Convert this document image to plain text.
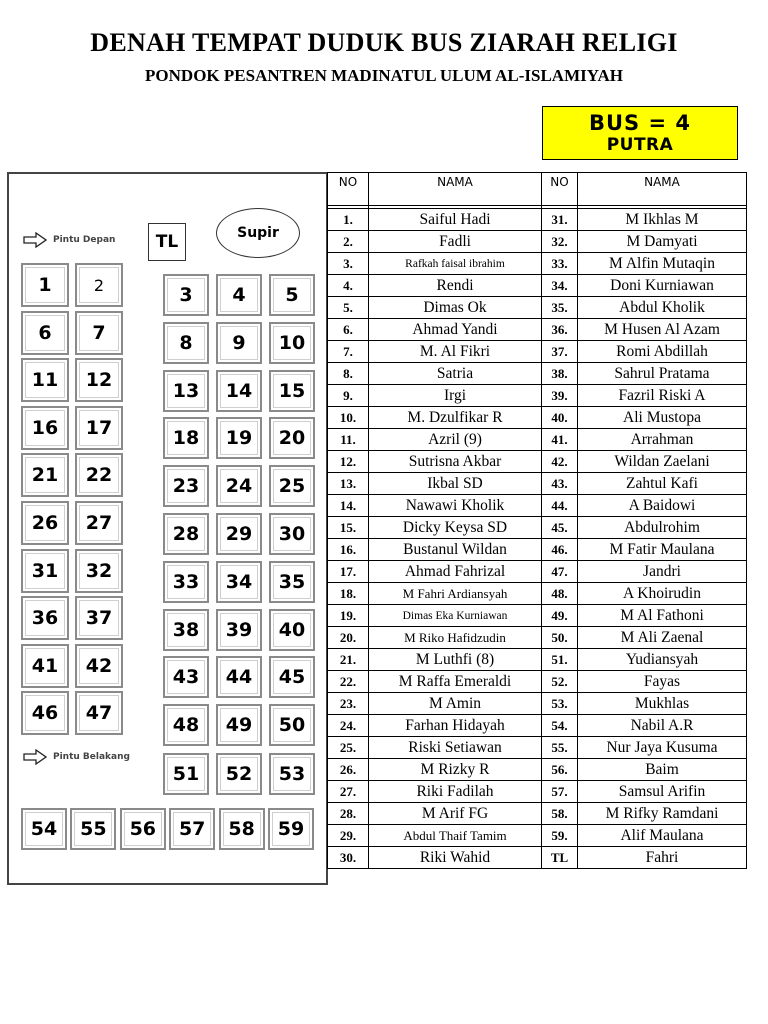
DENAH TEMPAT DUDUK BUS ZIARAH RELIGI
PONDOK PESANTREN MADINATUL ULUM AL-ISLAMIYAH
BUS = 4
PUTRA
Pintu Depan
Pintu Belakang
TL	Supir
1	2
6	7
11	12
16	17
21	22
26	27
31	32
36	37
41	42
46	47
3	4	5
8	9	10
13	14	15
18	19	20
23	24	25
28	29	30
33	34	35
38	39	40
43	44	45
48	49	50
51	52	53
54	55	56	57	58	59
NO	NAMA	NO	NAMA

1.	Saiful Hadi	31.	M Ikhlas M
2.	Fadli	32.	M Damyati
3.	Rafkah faisal ibrahim	33.	M Alfin Mutaqin
4.	Rendi	34.	Doni Kurniawan
5.	Dimas Ok	35.	Abdul Kholik
6.	Ahmad Yandi	36.	M Husen Al Azam
7.	M. Al Fikri	37.	Romi Abdillah
8.	Satria	38.	Sahrul Pratama
9.	Irgi	39.	Fazril Riski A
10.	M. Dzulfikar R	40.	Ali Mustopa
11.	Azril (9)	41.	Arrahman
12.	Sutrisna Akbar	42.	Wildan Zaelani
13.	Ikbal SD	43.	Zahtul Kafi
14.	Nawawi Kholik	44.	A Baidowi
15.	Dicky Keysa SD	45.	Abdulrohim
16.	Bustanul Wildan	46.	M Fatir Maulana
17.	Ahmad Fahrizal	47.	Jandri
18.	M Fahri Ardiansyah	48.	A Khoirudin
19.	Dimas Eka Kurniawan	49.	M Al Fathoni
20.	M Riko Hafidzudin	50.	M Ali Zaenal
21.	M Luthfi (8)	51.	Yudiansyah
22.	M Raffa Emeraldi	52.	Fayas
23.	M Amin	53.	Mukhlas
24.	Farhan Hidayah	54.	Nabil A.R
25.	Riski Setiawan	55.	Nur Jaya Kusuma
26.	M Rizky R	56.	Baim
27.	Riki Fadilah	57.	Samsul Arifin
28.	M Arif FG	58.	M Rifky Ramdani
29.	Abdul Thaif Tamim	59.	Alif Maulana
30.	Riki Wahid	TL	Fahri
